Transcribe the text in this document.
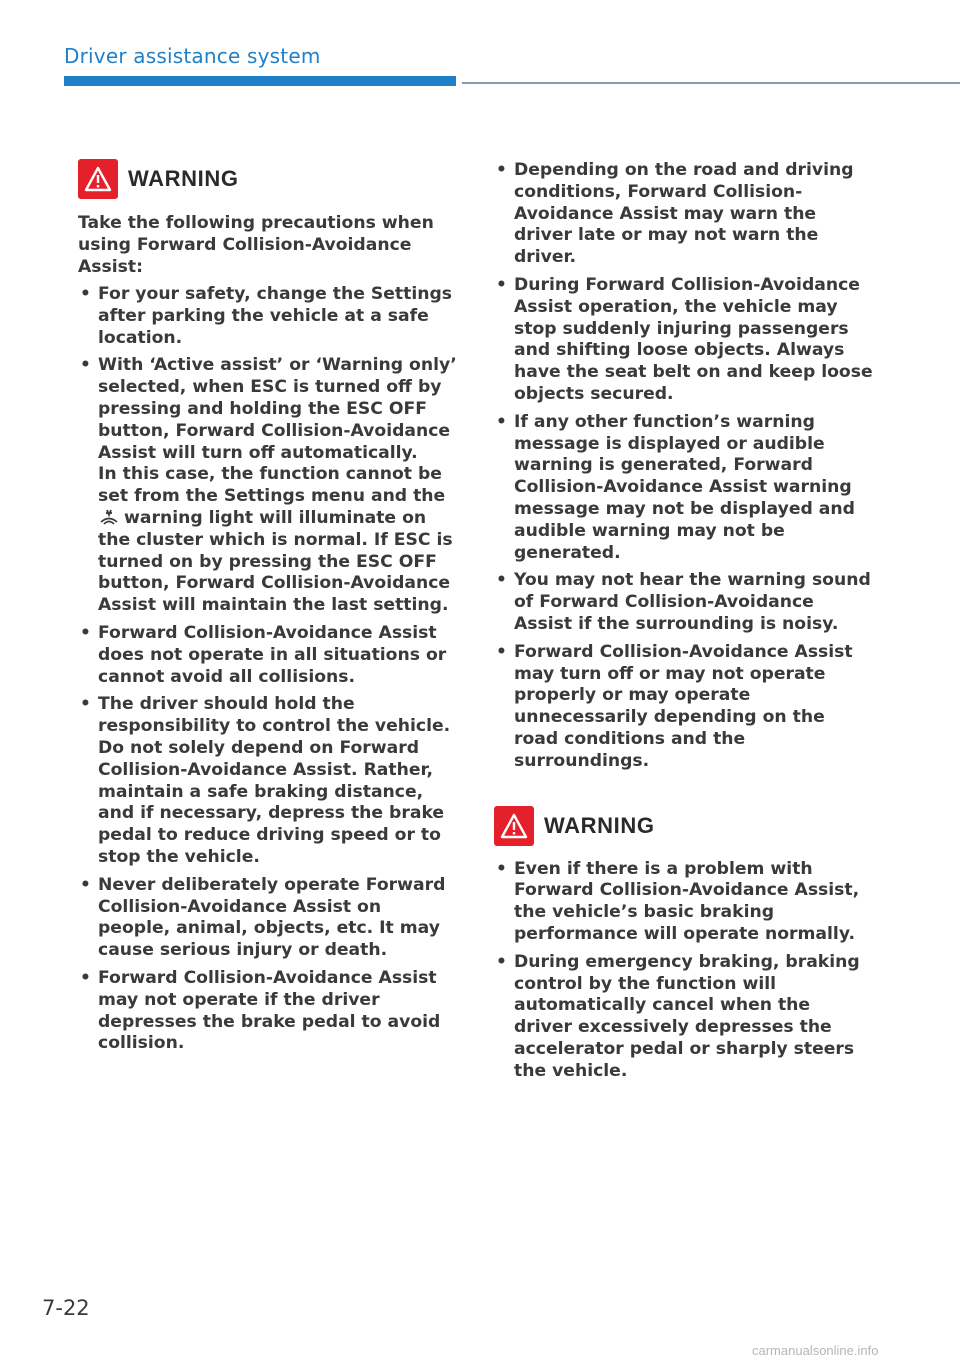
Driver assistance system
WARNING

Take the following precautions when using Forward Collision-Avoidance Assist:

• For your safety, change the Settings after parking the vehicle at a safe location.
• With ‘Active assist’ or ‘Warning only’ selected, when ESC is turned off by pressing and holding the ESC OFF button, Forward Collision-Avoidance Assist will turn off automatically.
In this case, the function cannot be set from the Settings menu and the
warning light will illuminate on the cluster which is normal. If ESC is turned on by pressing the ESC OFF button, Forward Collision-Avoidance Assist will maintain the last setting.
• Forward Collision-Avoidance Assist does not operate in all situations or cannot avoid all collisions.
• The driver should hold the responsibility to control the vehicle. Do not solely depend on Forward Collision-Avoidance Assist. Rather, maintain a safe braking distance, and if necessary, depress the brake pedal to reduce driving speed or to stop the vehicle.
• Never deliberately operate Forward Collision-Avoidance Assist on people, animal, objects, etc. It may cause serious injury or death.
• Forward Collision-Avoidance Assist may not operate if the driver depresses the brake pedal to avoid collision.
• Depending on the road and driving conditions, Forward Collision-Avoidance Assist may warn the driver late or may not warn the driver.
• During Forward Collision-Avoidance Assist operation, the vehicle may stop suddenly injuring passengers and shifting loose objects. Always have the seat belt on and keep loose objects secured.
• If any other function’s warning message is displayed or audible warning is generated, Forward Collision-Avoidance Assist warning message may not be displayed and audible warning may not be generated.
• You may not hear the warning sound of Forward Collision-Avoidance Assist if the surrounding is noisy.
• Forward Collision-Avoidance Assist may turn off or may not operate properly or may operate unnecessarily depending on the road conditions and the surroundings.
WARNING
• Even if there is a problem with Forward Collision-Avoidance Assist, the vehicle’s basic braking performance will operate normally.
• During emergency braking, braking control by the function will automatically cancel when the driver excessively depresses the accelerator pedal or sharply steers the vehicle.
7-22
carmanualsonline.info
